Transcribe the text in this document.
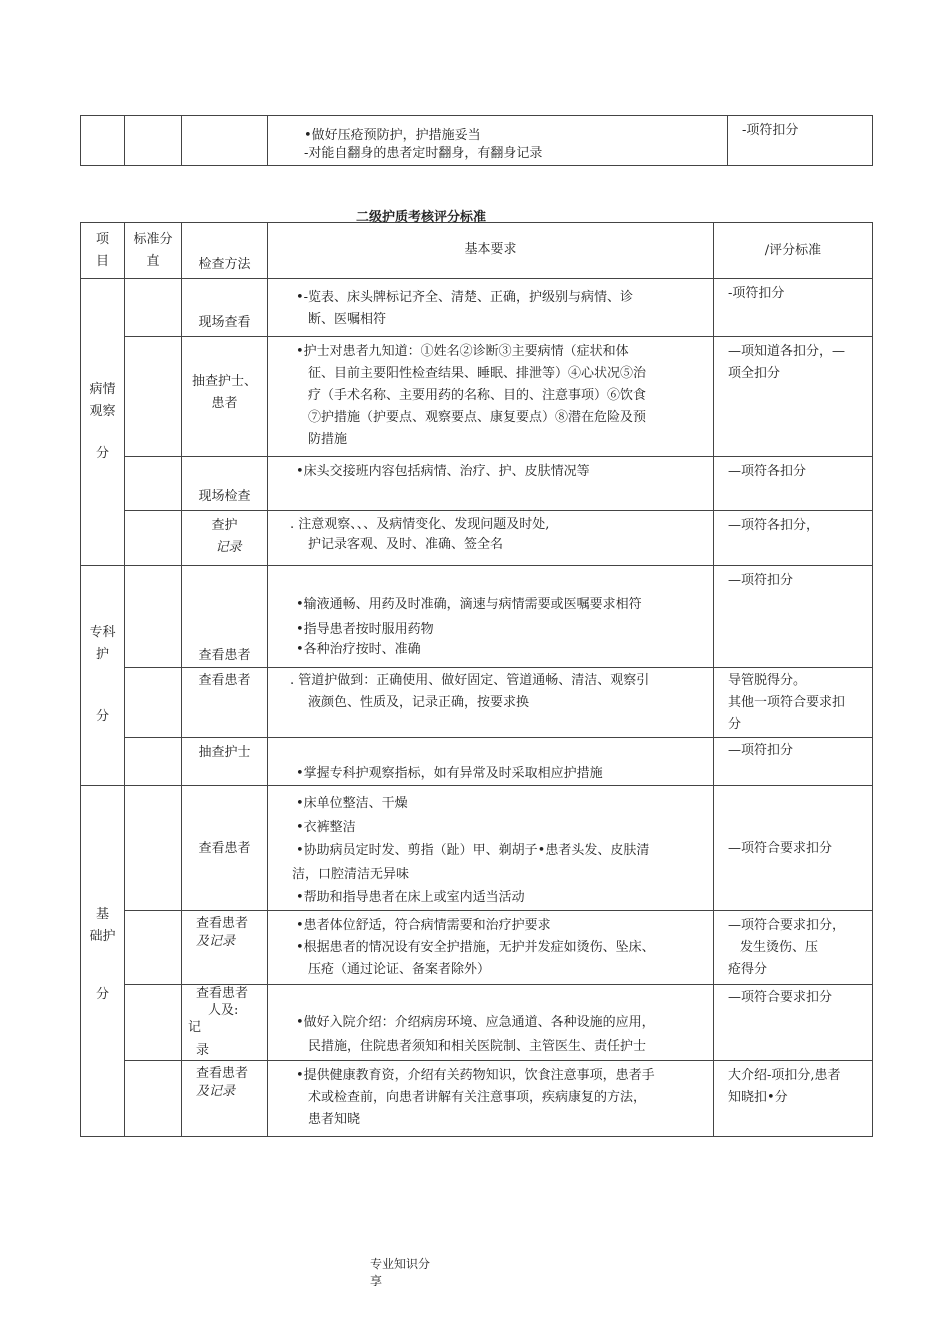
•做好压疮预防护，护措施妥当
-对能自翻身的患者定时翻身，有翻身记录
	-项符扣分
二级护质考核评分标准
项
目	标准分
直	检查方法	基本要求	/评分标准

病情
观察
分		现场查看	•-览表、床头牌标记齐全、清楚、正确，护级别与病情、诊
断、医嘱相符	-项符扣分

		抽查护士、
患者	•护士对患者九知道：①姓名②诊断③主要病情（症状和体
征、目前主要阳性检查结果、睡眠、排泄等）④心状况⑤治
疗（手术名称、主要用药的名称、目的、注意事项）⑥饮食
⑦护措施（护要点、观察要点、康复要点）⑧潜在危险及预
防措施	—项知道各扣分，—
项全扣分

		现场检查	•床头交接班内容包括病情、治疗、护、皮肤情况等	—项符各扣分

		查护
记录	. 注意观察、、、及病情变化、发现问题及时处,
护记录客观、及时、准确、签全名	—项符各扣分，

专科
护
分		查看患者	•输液通畅、用药及时准确，滴速与病情需要或医嘱要求相符
•指导患者按时服用药物
•各种治疗按时、准确	—项符扣分
		查看患者	. 管道护做到：正确使用、做好固定、管道通畅、清洁、观察引
液颜色、性质及，记录正确，按要求换	导管脱得分。
其他一项符合要求扣
分

		抽查护士	•掌握专科护观察指标，如有异常及时采取相应护措施	—项符扣分

基
础护
分		查看患者	•床单位整洁、干燥
•衣裤整洁
•协助病员定时发、剪指（趾）甲、剃胡子•患者头发、皮肤清
洁，口腔清洁无异味
•帮助和指导患者在床上或室内适当活动	—项符合要求扣分

		查看患者
及记录	•患者体位舒适，符合病情需要和治疗护要求
•根据患者的情况设有安全护措施，无护并发症如烫伤、坠床、
压疮（通过论证、备案者除外）	—项符合要求扣分，
发生烫伤、压
疮得分

		查看患者
人及:
记
录	•做好入院介绍：介绍病房环境、应急通道、各种设施的应用，
民措施，住院患者须知和相关医院制、主管医生、责任护士	—项符合要求扣分

		查看患者
及记录	•提供健康教育资，介绍有关药物知识，饮食注意事项，患者手
术或检查前，向患者讲解有关注意事项，疾病康复的方法，
患者知晓	大介绍-项扣分,患者
知晓扣•分
专业知识分
享
